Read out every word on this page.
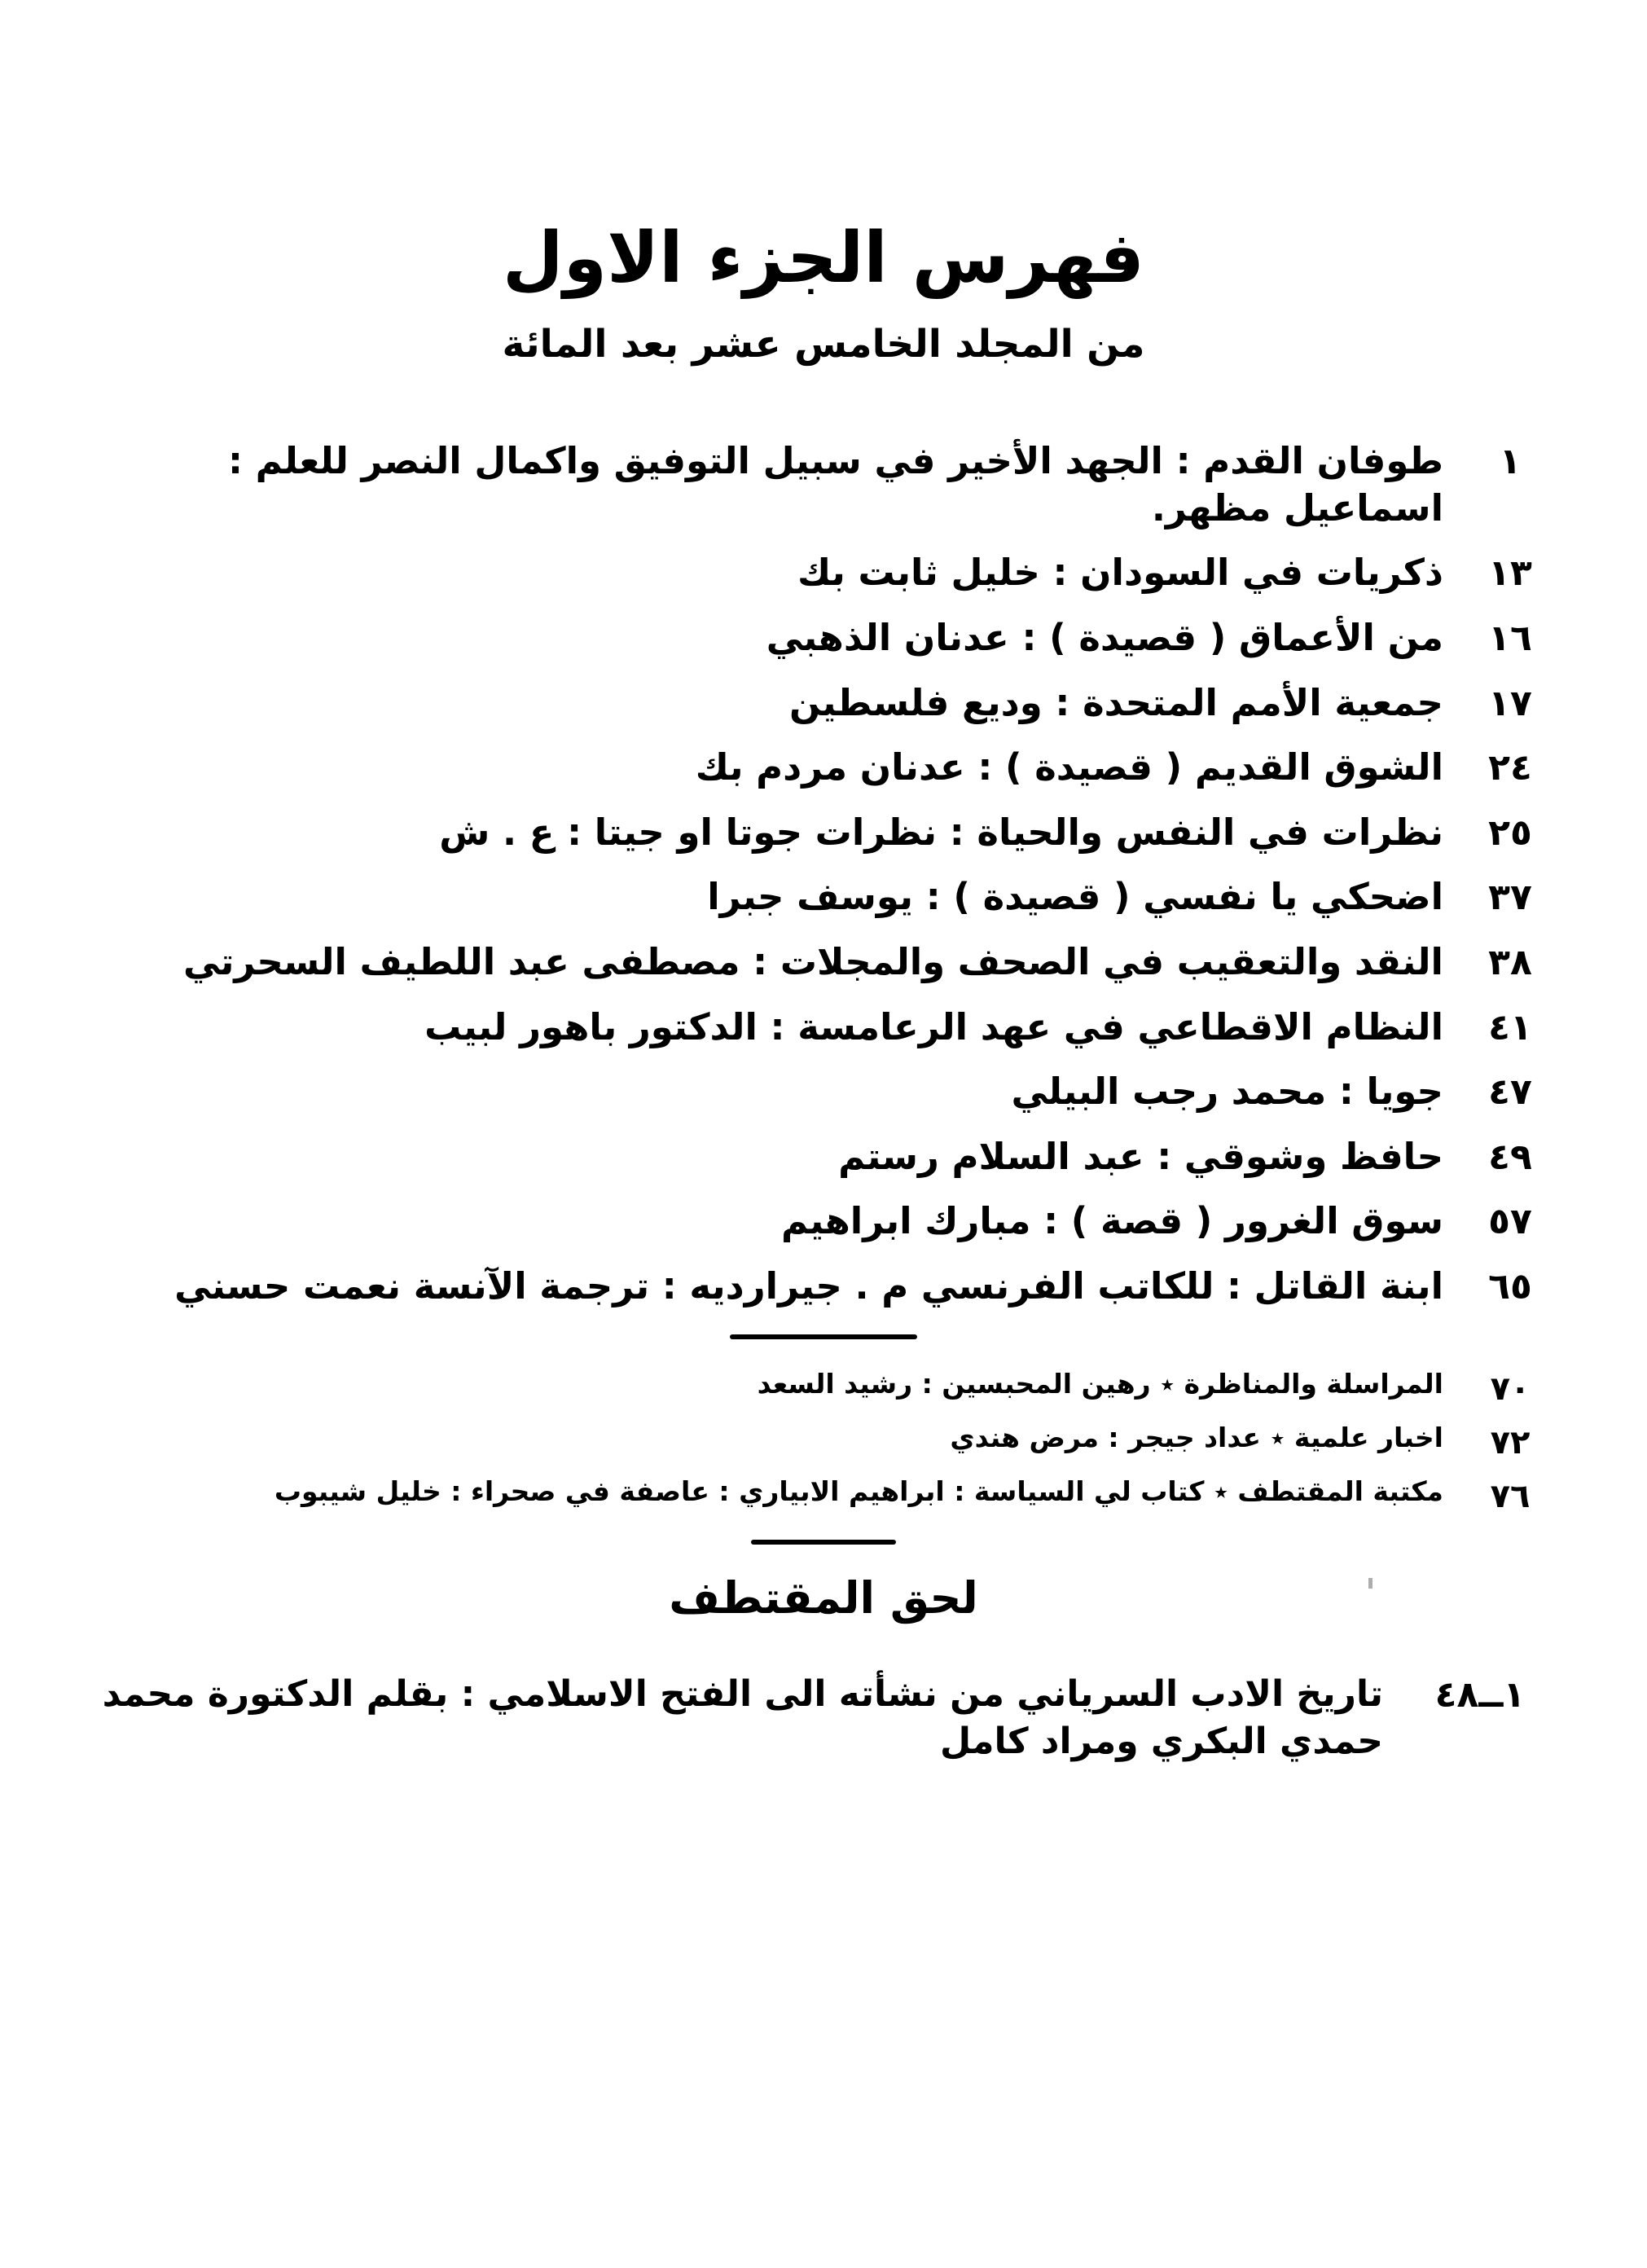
فهرس الجزء الاول

من المجلد الخامس عشر بعد المائة

١
طوفان القدم : الجهد الأخير في سبيل التوفيق واكمال النصر للعلم : اسماعيل مظهر.
١٣
ذكريات في السودان : خليل ثابت بك
١٦
من الأعماق ( قصيدة ) : عدنان الذهبي
١٧
جمعية الأمم المتحدة : وديع فلسطين
٢٤
الشوق القديم ( قصيدة ) : عدنان مردم بك
٢٥
نظرات في النفس والحياة : نظرات جوتا او جيتا : ع . ش
٣٧
اضحكي يا نفسي ( قصيدة ) : يوسف جبرا
٣٨
النقد والتعقيب في الصحف والمجلات : مصطفى عبد اللطيف السحرتي
٤١
النظام الاقطاعي في عهد الرعامسة : الدكتور باهور لبيب
٤٧
جويا : محمد رجب البيلي
٤٩
حافظ وشوقي : عبد السلام رستم
٥٧
سوق الغرور ( قصة ) : مبارك ابراهيم
٦٥
ابنة القاتل : للكاتب الفرنسي م . جيرارديه : ترجمة الآنسة نعمت حسني
٧٠
المراسلة والمناظرة ٭ رهين المحبسين : رشيد السعد
٧٢
اخبار علمية ٭ عداد جيجر : مرض هندي
٧٦
مكتبة المقتطف ٭ كتاب لي السياسة : ابراهيم الابياري : عاصفة في صحراء : خليل شيبوب
لحق المقتطف
١ــ٤٨
تاريخ الادب السرياني من نشأته الى الفتح الاسلامي : بقلم الدكتورة محمد حمدي البكري ومراد كامل
